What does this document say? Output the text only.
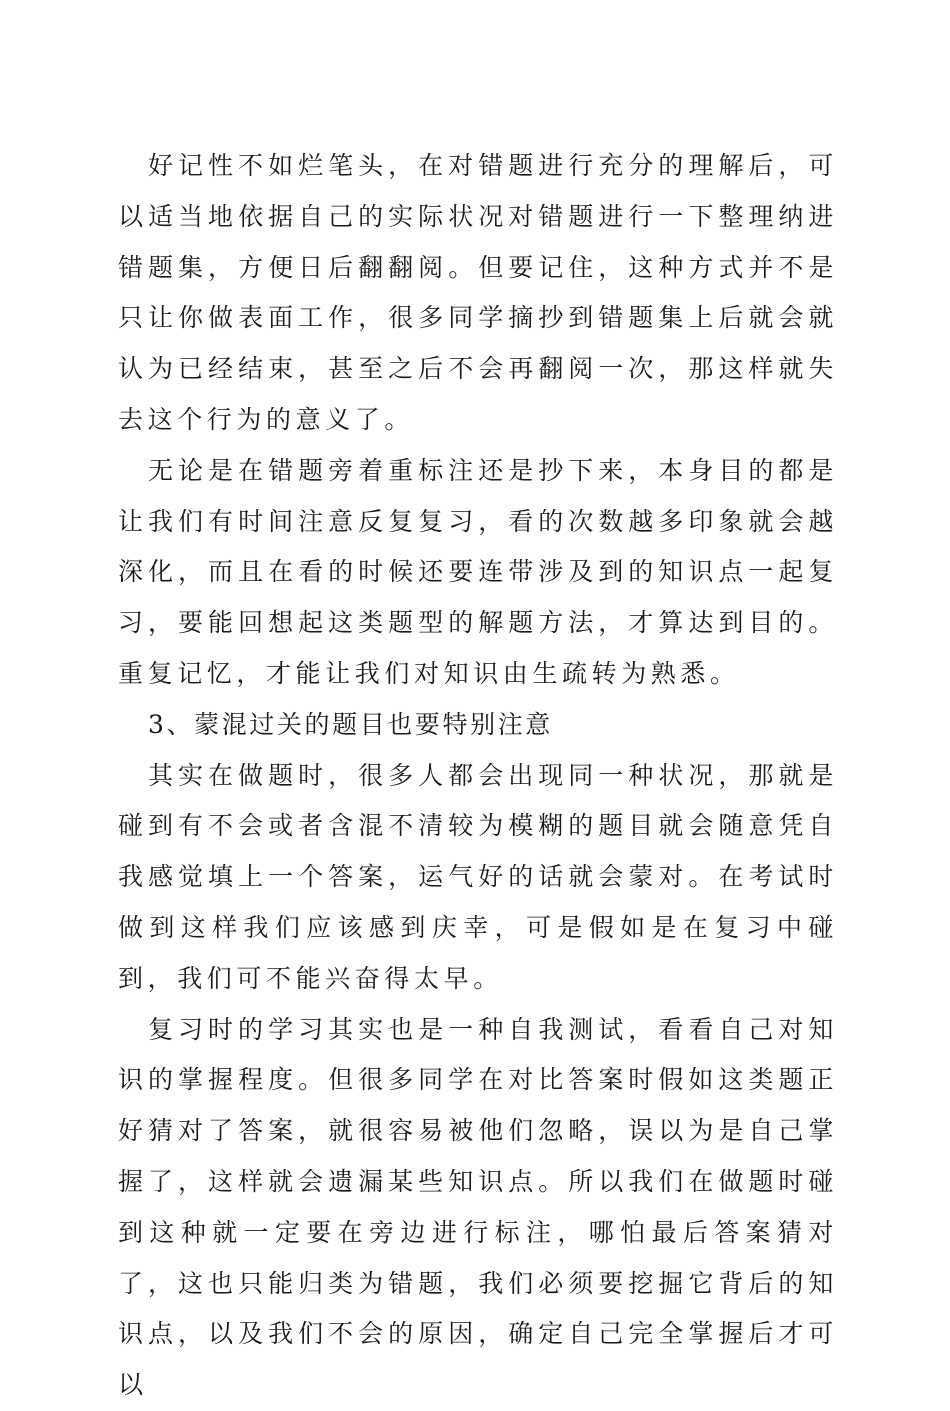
好记性不如烂笔头，在对错题进行充分的理解后，可以适当地依据自己的实际状况对错题进行一下整理纳进错题集，方便日后翻翻阅。但要记住，这种方式并不是只让你做表面工作，很多同学摘抄到错题集上后就会就认为已经结束，甚至之后不会再翻阅一次，那这样就失去这个行为的意义了。

无论是在错题旁着重标注还是抄下来，本身目的都是让我们有时间注意反复复习，看的次数越多印象就会越深化，而且在看的时候还要连带涉及到的知识点一起复习，要能回想起这类题型的解题方法，才算达到目的。重复记忆，才能让我们对知识由生疏转为熟悉。

3、蒙混过关的题目也要特别注意

其实在做题时，很多人都会出现同一种状况，那就是碰到有不会或者含混不清较为模糊的题目就会随意凭自我感觉填上一个答案，运气好的话就会蒙对。在考试时做到这样我们应该感到庆幸，可是假如是在复习中碰到，我们可不能兴奋得太早。

复习时的学习其实也是一种自我测试，看看自己对知识的掌握程度。但很多同学在对比答案时假如这类题正好猜对了答案，就很容易被他们忽略，误以为是自己掌握了，这样就会遗漏某些知识点。所以我们在做题时碰到这种就一定要在旁边进行标注，哪怕最后答案猜对了，这也只能归类为错题，我们必须要挖掘它背后的知识点，以及我们不会的原因，确定自己完全掌握后才可以
